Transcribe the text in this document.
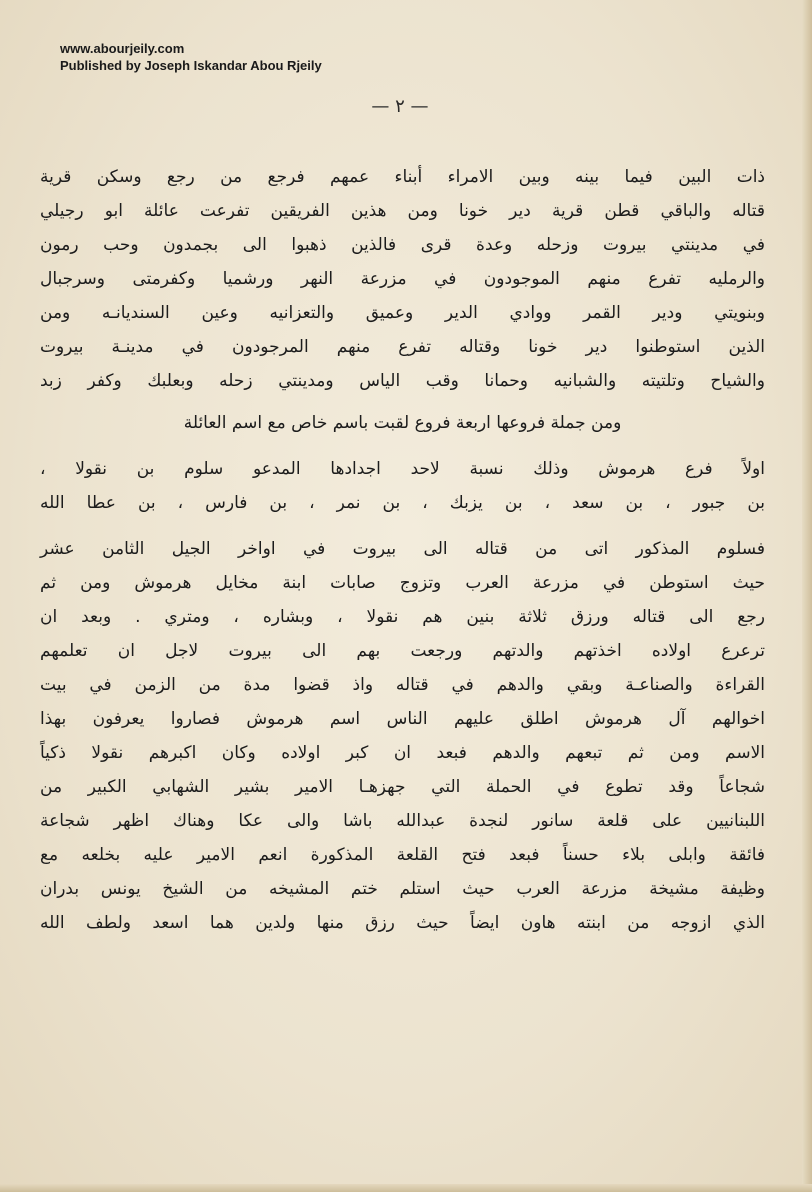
www.abourjeily.com
Published by Joseph Iskandar Abou Rjeily
— ٢ —
ذات البين فيما بينه وبين الامراء أبناء عمهم فرجع من رجع وسكن قرية
قتاله والباقي قطن قرية دير خونا ومن هذين الفريقين تفرعت عائلة ابو رجيلي
في مدينتي بيروت وزحله وعدة قرى فالذين ذهبوا الى بجمدون وحب رمون
والرمليه تفرع منهم الموجودون في مزرعة النهر ورشميا وكفرمتى وسرجبال
وبنويتي ودير القمر ووادي الدير وعميق والتعزانيه وعين السنديانـه ومن
الذين استوطنوا دير خونا وقتاله تفرع منهم المرجودون في مدينـة بيروت
والشياح وتلتيته والشبانيه وحمانا وقب الياس ومدينتي زحله وبعلبك وكفر زبد
ومن جملة فروعها اربعة فروع لقبت باسم خاص مع اسم العائلة
اولاً فرع هرموش وذلك نسبة لاحد اجدادها المدعو سلوم بن نقولا ،
بن جبور ، بن سعد ، بن يزبك ، بن نمر ، بن فارس ، بن عطا الله
فسلوم المذكور اتى من قتاله الى بيروت في اواخر الجيل الثامن عشر
حيث استوطن في مزرعة العرب وتزوج صابات ابنة مخايل هرموش ومن ثم
رجع الى قتاله ورزق ثلاثة بنين هم نقولا ، وبشاره ، ومتري . وبعد ان
ترعرع اولاده اخذتهم والدتهم ورجعت بهم الى بيروت لاجل ان تعلمهم
القراءة والصناعـة وبقي والدهم في قتاله واذ قضوا مدة من الزمن في بيت
اخوالهم آل هرموش اطلق عليهم الناس اسم هرموش فصاروا يعرفون بهذا
الاسم ومن ثم تبعهم والدهم فبعد ان كبر اولاده وكان اكبرهم نقولا ذكياً
شجاعاً وقد تطوع في الحملة التي جهزهـا الامير بشير الشهابي الكبير من
اللبنانيين على قلعة سانور لنجدة عبدالله باشا والى عكا وهناك اظهر شجاعة
فائقة وابلى بلاء حسناً فبعد فتح القلعة المذكورة انعم الامير عليه بخلعه مع
وظيفة مشيخة مزرعة العرب حيث استلم ختم المشيخه من الشيخ يونس بدران
الذي ازوجه من ابنته هاون ايضاً حيث رزق منها ولدين هما اسعد ولطف الله
